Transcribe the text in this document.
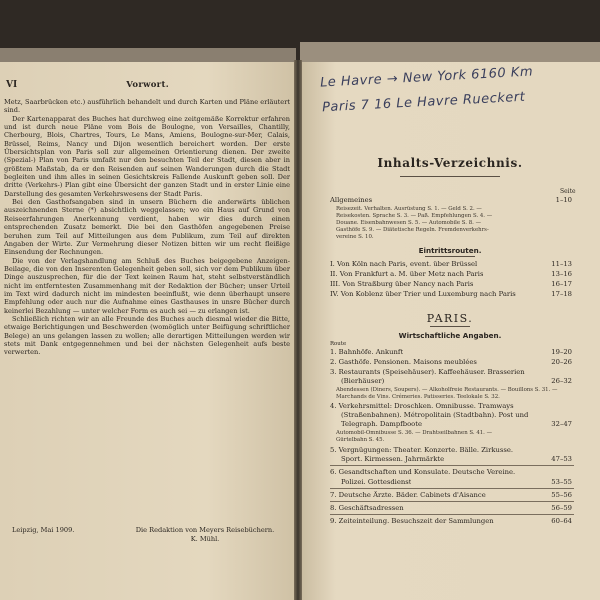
VI	Vorwort.

Metz, Saarbrücken etc.) ausführlich behandelt und durch Karten und Pläne erläutert sind.

Der Kartenapparat des Buches hat durchweg eine zeitgemäße Korrektur erfahren und ist durch neue Pläne vom Bois de Boulogne, von Versailles, Chantilly, Cherbourg, Blois, Chartres, Tours, Le Mans, Amiens, Boulogne-sur-Mer, Calais, Brüssel, Reims, Nancy und Dijon wesentlich bereichert worden. Der erste Übersichtsplan von Paris soll zur allgemeinen Orientierung dienen. Der zweite (Spezial-) Plan von Paris umfaßt nur den besuchten Teil der Stadt, diesen aber in größtem Maßstab, da er den Reisenden auf seinen Wanderungen durch die Stadt begleiten und ihm alles in seinen Gesichtskreis Fallende Auskunft geben soll. Der dritte (Verkehrs-) Plan gibt eine Übersicht der ganzen Stadt und in erster Linie eine Darstellung des gesamten Verkehrswesens der Stadt Paris.

Bei den Gasthofsangaben sind in unsern Büchern die anderwärts üblichen auszeichnenden Sterne (*) absichtlich weggelassen; wo ein Haus auf Grund von Reiseerfahrungen Anerkennung verdient, haben wir dies durch einen entsprechenden Zusatz bemerkt. Die bei den Gasthöfen angegebenen Preise beruhen zum Teil auf Mitteilungen aus dem Publikum, zum Teil auf direkten Angaben der Wirte. Zur Vermehrung dieser Notizen bitten wir um recht fleißige Einsendung der Rechnungen.

Die von der Verlagshandlung am Schluß des Buches beigegebene Anzeigen-Beilage, die von den Inserenten Gelegenheit geben soll, sich vor dem Publikum über Dinge auszusprechen, für die der Text keinen Raum hat, steht selbstverständlich nicht im entferntesten Zusammenhang mit der Redaktion der Bücher; unser Urteil im Text wird dadurch nicht im mindesten beeinflußt, wie denn überhaupt unsere Empfehlung oder auch nur die Aufnahme eines Gasthauses in unsre Bücher durch keinerlei Bezahlung — unter welcher Form es auch sei — zu erlangen ist.

Schließlich richten wir an alle Freunde des Buches auch diesmal wieder die Bitte, etwaige Berichtigungen und Beschwerden (womöglich unter Beifügung schriftlicher Belege) an uns gelangen lassen zu wollen; alle derartigen Mitteilungen werden wir stets mit Dank entgegennehmen und bei der nächsten Gelegenheit aufs beste verwerten.

Leipzig, Mai 1909.	Die Redaktion von Meyers Reisebüchern.
K. Mühl.
Le Havre → New York 6160 Km
Paris 7 16 Le Havre Rueckert
Inhalts-Verzeichnis.
Seite
Allgemeines	1–10
Reisezeit. Verhalten. Ausrüstung S. 1. — Geld S. 2. —
Reisekosten. Sprache S. 3. — Paß. Empfehlungen S. 4. —
Douane. Eisenbahnwesen S. 5. — Automobile S. 8. —
Gasthöfe S. 9. — Diätetische Regeln. Fremdenverkehrs-
vereine S. 10.
Eintrittsrouten.
I. Von Köln nach Paris, event. über Brüssel	11–13
II. Von Frankfurt a. M. über Metz nach Paris	13–16
III. Von Straßburg über Nancy nach Paris	16–17
IV. Von Koblenz über Trier und Luxemburg nach Paris	17–18
PARIS.
Wirtschaftliche Angaben.
Route
1. Bahnhöfe. Ankunft	19–20
2. Gasthöfe. Pensionen. Maisons meublées	20–26
3. Restaurants (Speisehäuser). Kaffeehäuser. Brasserien
(Bierhäuser)	26–32
Abendessen (Diners, Soupers). — Alkoholfreie Restaurants. — Bouillons S. 31. — Marchands de Vins. Crémeries. Patisseries. Teelokale S. 32.
4. Verkehrsmittel: Droschken. Omnibusse. Tramways
(Straßenbahnen). Métropolitain (Stadtbahn). Post und
Telegraph. Dampfboote	32–47
Automobil-Omnibusse S. 36. — Drahtseilbahnen S. 41. —
Gürtelbahn S. 45.
5. Vergnügungen: Theater. Konzerte. Bälle. Zirkusse.
Sport. Kirmessen. Jahrmärkte	47–53
6. Gesandtschaften und Konsulate. Deutsche Vereine.
Polizei. Gottesdienst	53–55
7. Deutsche Ärzte. Bäder. Cabinets d'Aisance	55–56
8. Geschäftsadressen	56–59
9. Zeiteinteilung. Besuchszeit der Sammlungen	60–64
